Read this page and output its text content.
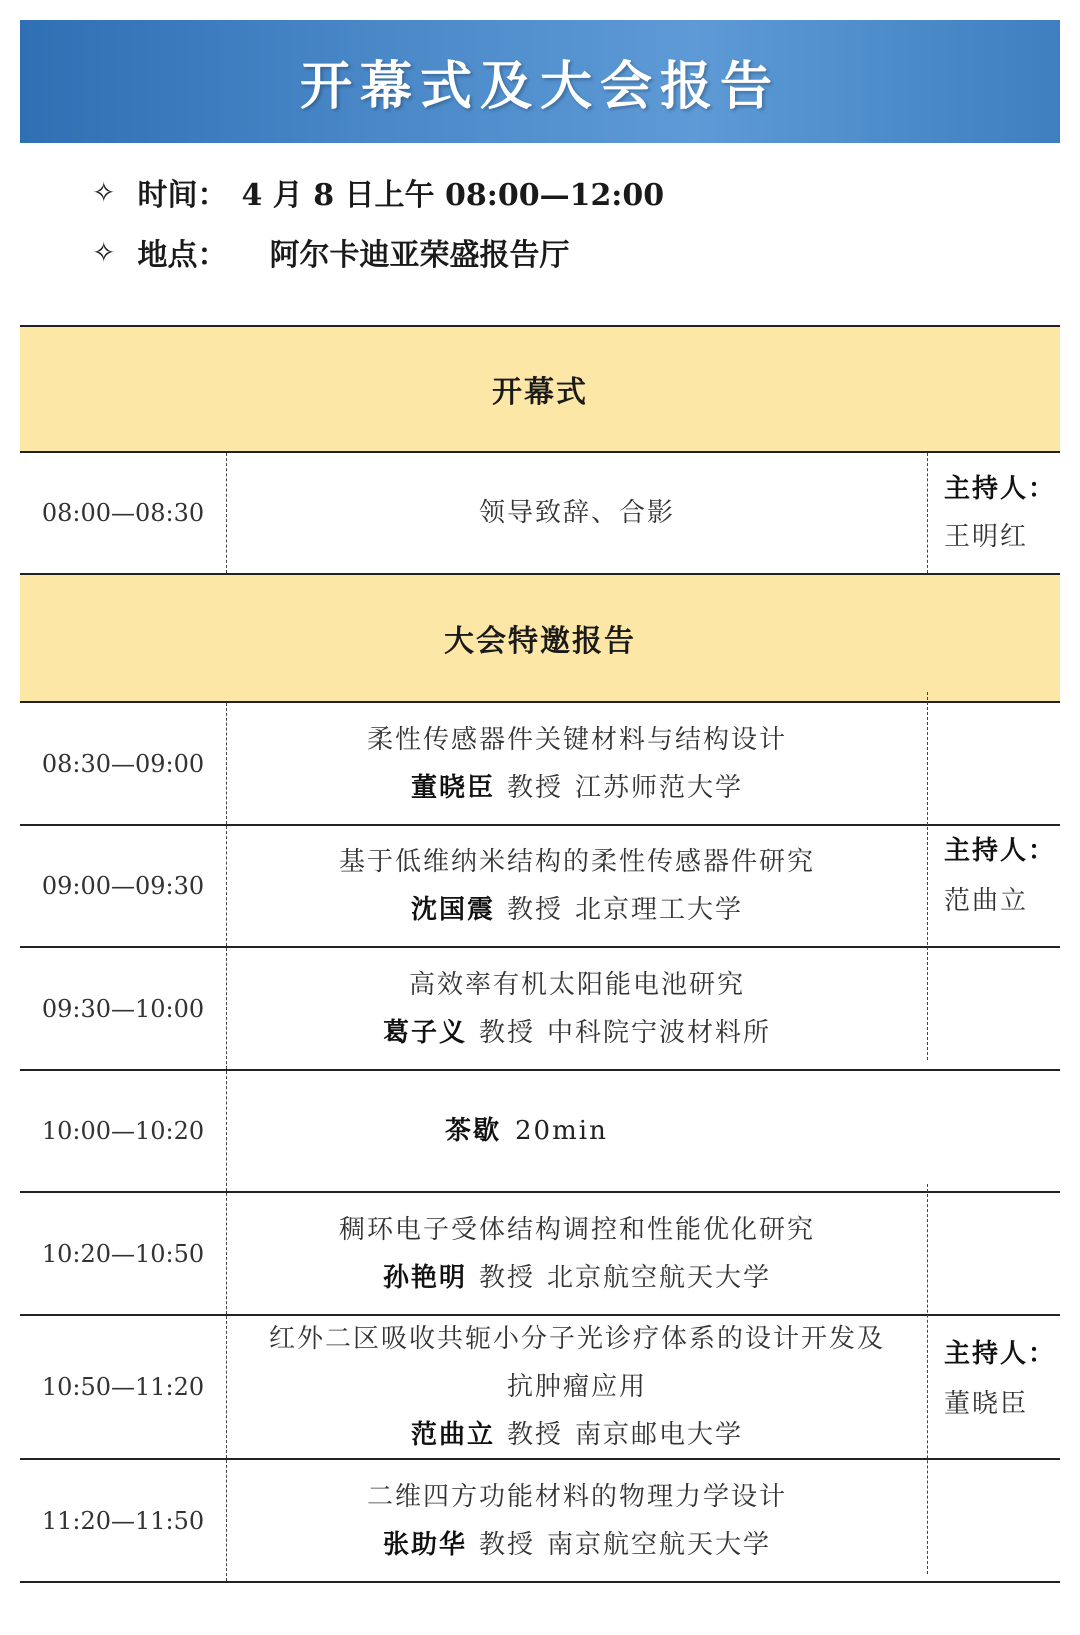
开幕式及大会报告
✧ 时间： 4 月 8 日上午 08:00—12:00
✧ 地点： 阿尔卡迪亚荣盛报告厅
开幕式
08:00—08:30	领导致辞、合影
主持人：
王明红
大会特邀报告
08:30—09:00
柔性传感器件关键材料与结构设计
董晓臣 教授 江苏师范大学
09:00—09:30
基于低维纳米结构的柔性传感器件研究
沈国震 教授 北京理工大学
09:30—10:00
高效率有机太阳能电池研究
葛子义 教授 中科院宁波材料所
10:00—10:20	茶歇 20min
10:20—10:50
稠环电子受体结构调控和性能优化研究
孙艳明 教授 北京航空航天大学
10:50—11:20
红外二区吸收共轭小分子光诊疗体系的设计开发及
抗肿瘤应用
范曲立 教授 南京邮电大学
11:20—11:50
二维四方功能材料的物理力学设计
张助华 教授 南京航空航天大学
主持人：
范曲立
主持人：
董晓臣
